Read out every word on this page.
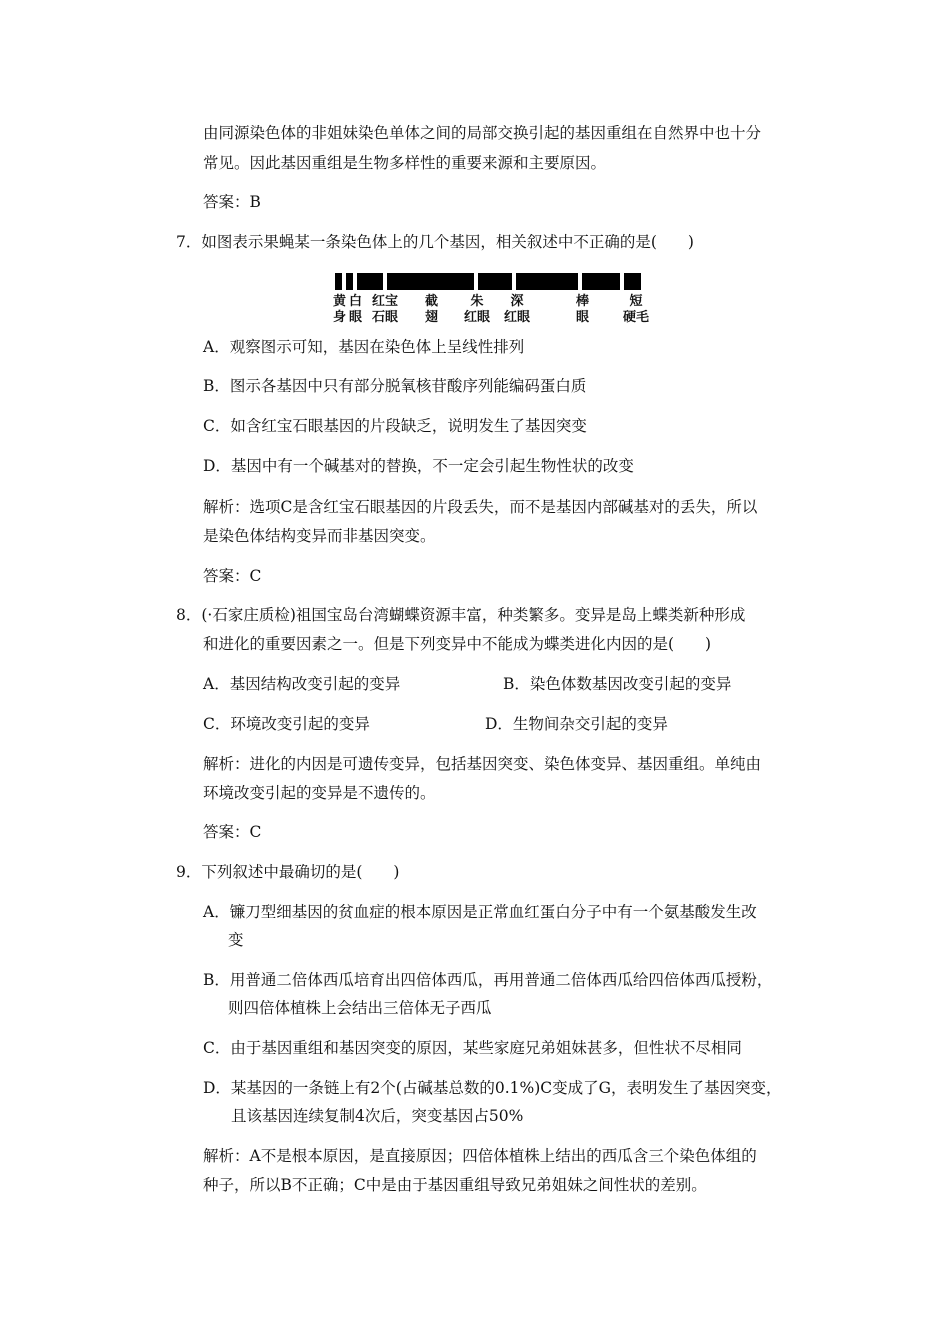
由同源染色体的非姐妹染色单体之间的局部交换引起的基因重组在自然界中也十分
常见。因此基因重组是生物多样性的重要来源和主要原因。
答案：B
7．如图表示果蝇某一条染色体上的几个基因，相关叙述中不正确的是(　　)
黄
身
白
眼
红宝
石眼
截
翅
朱
红眼
深
红眼
棒
眼
短
硬毛
A．观察图示可知，基因在染色体上呈线性排列
B．图示各基因中只有部分脱氧核苷酸序列能编码蛋白质
C．如含红宝石眼基因的片段缺乏，说明发生了基因突变
D．基因中有一个碱基对的替换，不一定会引起生物性状的改变
解析：选项C是含红宝石眼基因的片段丢失，而不是基因内部碱基对的丢失，所以
是染色体结构变异而非基因突变。
答案：C
8．(·石家庄质检)祖国宝岛台湾蝴蝶资源丰富，种类繁多。变异是岛上蝶类新种形成
和进化的重要因素之一。但是下列变异中不能成为蝶类进化内因的是(　　)
A．基因结构改变引起的变异	B．染色体数基因改变引起的变异
C．环境改变引起的变异	D．生物间杂交引起的变异
解析：进化的内因是可遗传变异，包括基因突变、染色体变异、基因重组。单纯由
环境改变引起的变异是不遗传的。
答案：C
9．下列叙述中最确切的是(　　)
A．镰刀型细基因的贫血症的根本原因是正常血红蛋白分子中有一个氨基酸发生改
变
B．用普通二倍体西瓜培育出四倍体西瓜，再用普通二倍体西瓜给四倍体西瓜授粉，
则四倍体植株上会结出三倍体无子西瓜
C．由于基因重组和基因突变的原因，某些家庭兄弟姐妹甚多，但性状不尽相同
D．某基因的一条链上有2个(占碱基总数的0.1%)C变成了G，表明发生了基因突变，
且该基因连续复制4次后，突变基因占50%
解析：A不是根本原因，是直接原因；四倍体植株上结出的西瓜含三个染色体组的
种子，所以B不正确；C中是由于基因重组导致兄弟姐妹之间性状的差别。
